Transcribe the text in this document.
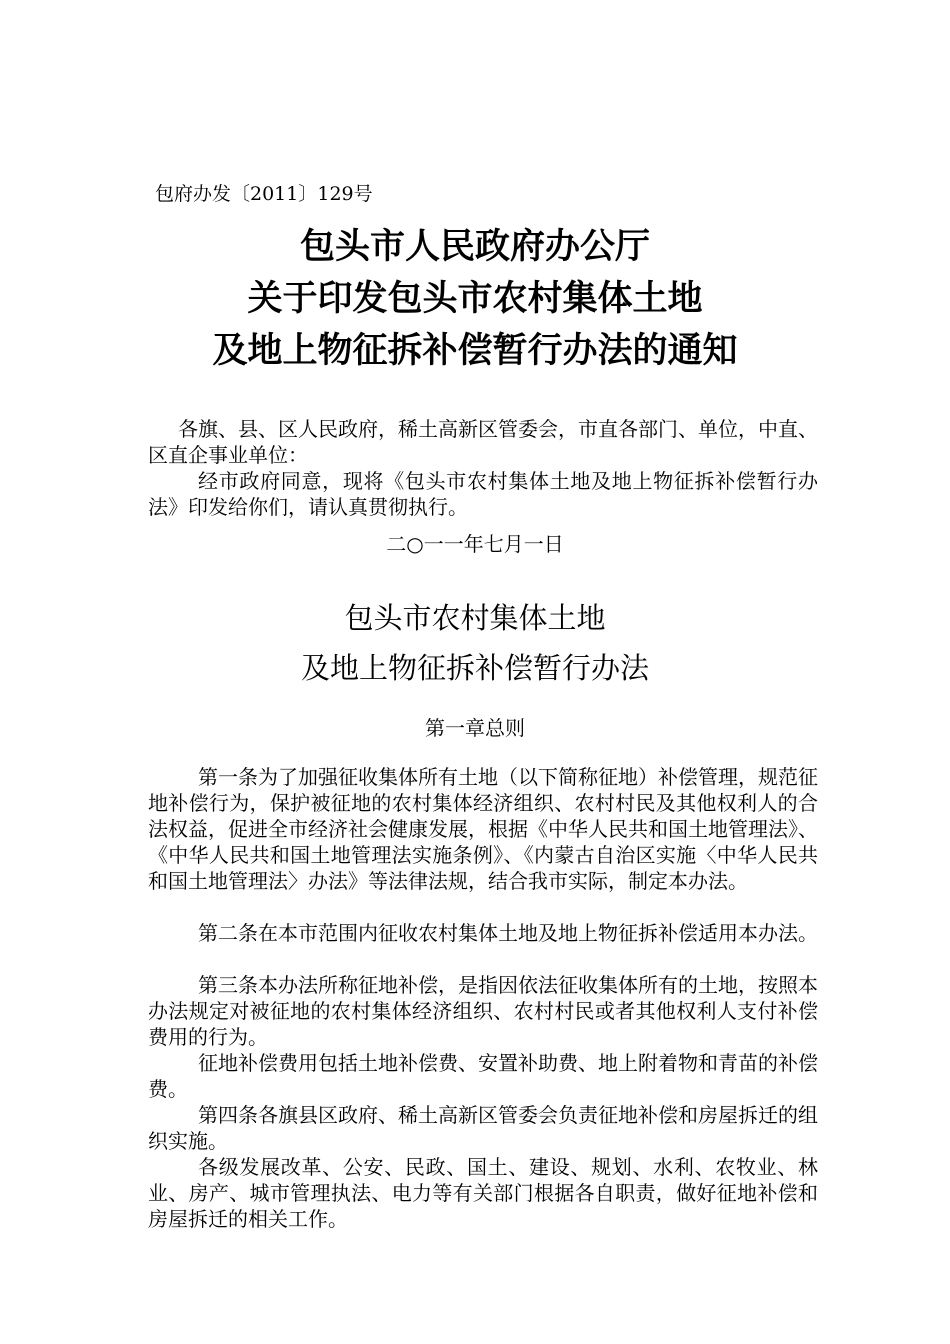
包府办发〔2011〕129号
包头市人民政府办公厅
关于印发包头市农村集体土地
及地上物征拆补偿暂行办法的通知
各旗、县、区人民政府，稀土高新区管委会，市直各部门、单位，中直、区直企事业单位：
经市政府同意，现将《包头市农村集体土地及地上物征拆补偿暂行办法》印发给你们，请认真贯彻执行。
二○一一年七月一日
包头市农村集体土地
及地上物征拆补偿暂行办法
第一章总则
第一条为了加强征收集体所有土地（以下简称征地）补偿管理，规范征地补偿行为，保护被征地的农村集体经济组织、农村村民及其他权利人的合法权益，促进全市经济社会健康发展，根据《中华人民共和国土地管理法》、《中华人民共和国土地管理法实施条例》、《内蒙古自治区实施〈中华人民共和国土地管理法〉办法》等法律法规，结合我市实际，制定本办法。
第二条在本市范围内征收农村集体土地及地上物征拆补偿适用本办法。
第三条本办法所称征地补偿，是指因依法征收集体所有的土地，按照本办法规定对被征地的农村集体经济组织、农村村民或者其他权利人支付补偿费用的行为。
征地补偿费用包括土地补偿费、安置补助费、地上附着物和青苗的补偿费。
第四条各旗县区政府、稀土高新区管委会负责征地补偿和房屋拆迁的组织实施。
各级发展改革、公安、民政、国土、建设、规划、水利、农牧业、林业、房产、城市管理执法、电力等有关部门根据各自职责，做好征地补偿和房屋拆迁的相关工作。
